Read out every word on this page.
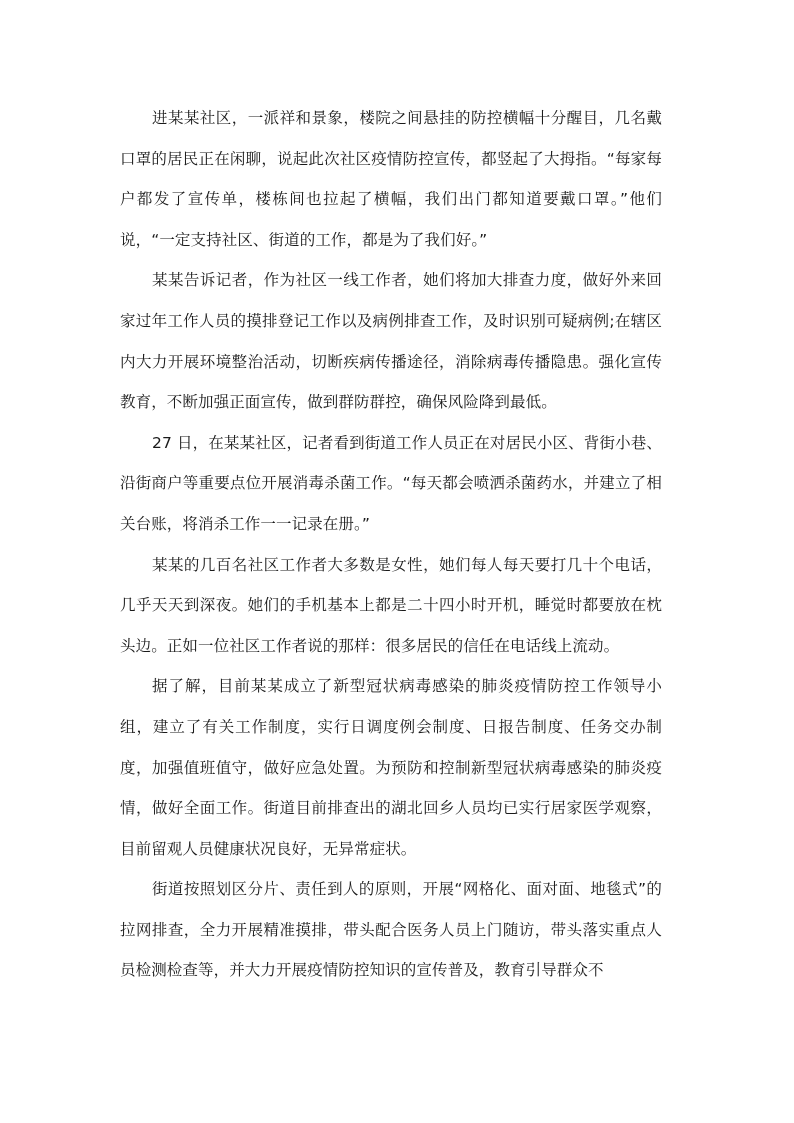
进某某社区，一派祥和景象，楼院之间悬挂的防控横幅十分醒目，几名戴口罩的居民正在闲聊，说起此次社区疫情防控宣传，都竖起了大拇指。“每家每户都发了宣传单，楼栋间也拉起了横幅，我们出门都知道要戴口罩。”他们说，“一定支持社区、街道的工作，都是为了我们好。”

某某告诉记者，作为社区一线工作者，她们将加大排查力度，做好外来回家过年工作人员的摸排登记工作以及病例排查工作，及时识别可疑病例;在辖区内大力开展环境整治活动，切断疾病传播途径，消除病毒传播隐患。强化宣传教育，不断加强正面宣传，做到群防群控，确保风险降到最低。

27 日，在某某社区，记者看到街道工作人员正在对居民小区、背街小巷、沿街商户等重要点位开展消毒杀菌工作。“每天都会喷洒杀菌药水，并建立了相关台账，将消杀工作一一记录在册。”

某某的几百名社区工作者大多数是女性，她们每人每天要打几十个电话，几乎天天到深夜。她们的手机基本上都是二十四小时开机，睡觉时都要放在枕头边。正如一位社区工作者说的那样：很多居民的信任在电话线上流动。

据了解，目前某某成立了新型冠状病毒感染的肺炎疫情防控工作领导小组，建立了有关工作制度，实行日调度例会制度、日报告制度、任务交办制度，加强值班值守，做好应急处置。为预防和控制新型冠状病毒感染的肺炎疫情，做好全面工作。街道目前排查出的湖北回乡人员均已实行居家医学观察，目前留观人员健康状况良好，无异常症状。

街道按照划区分片、责任到人的原则，开展“网格化、面对面、地毯式”的拉网排查，全力开展精准摸排，带头配合医务人员上门随访，带头落实重点人员检测检查等，并大力开展疫情防控知识的宣传普及，教育引导群众不
